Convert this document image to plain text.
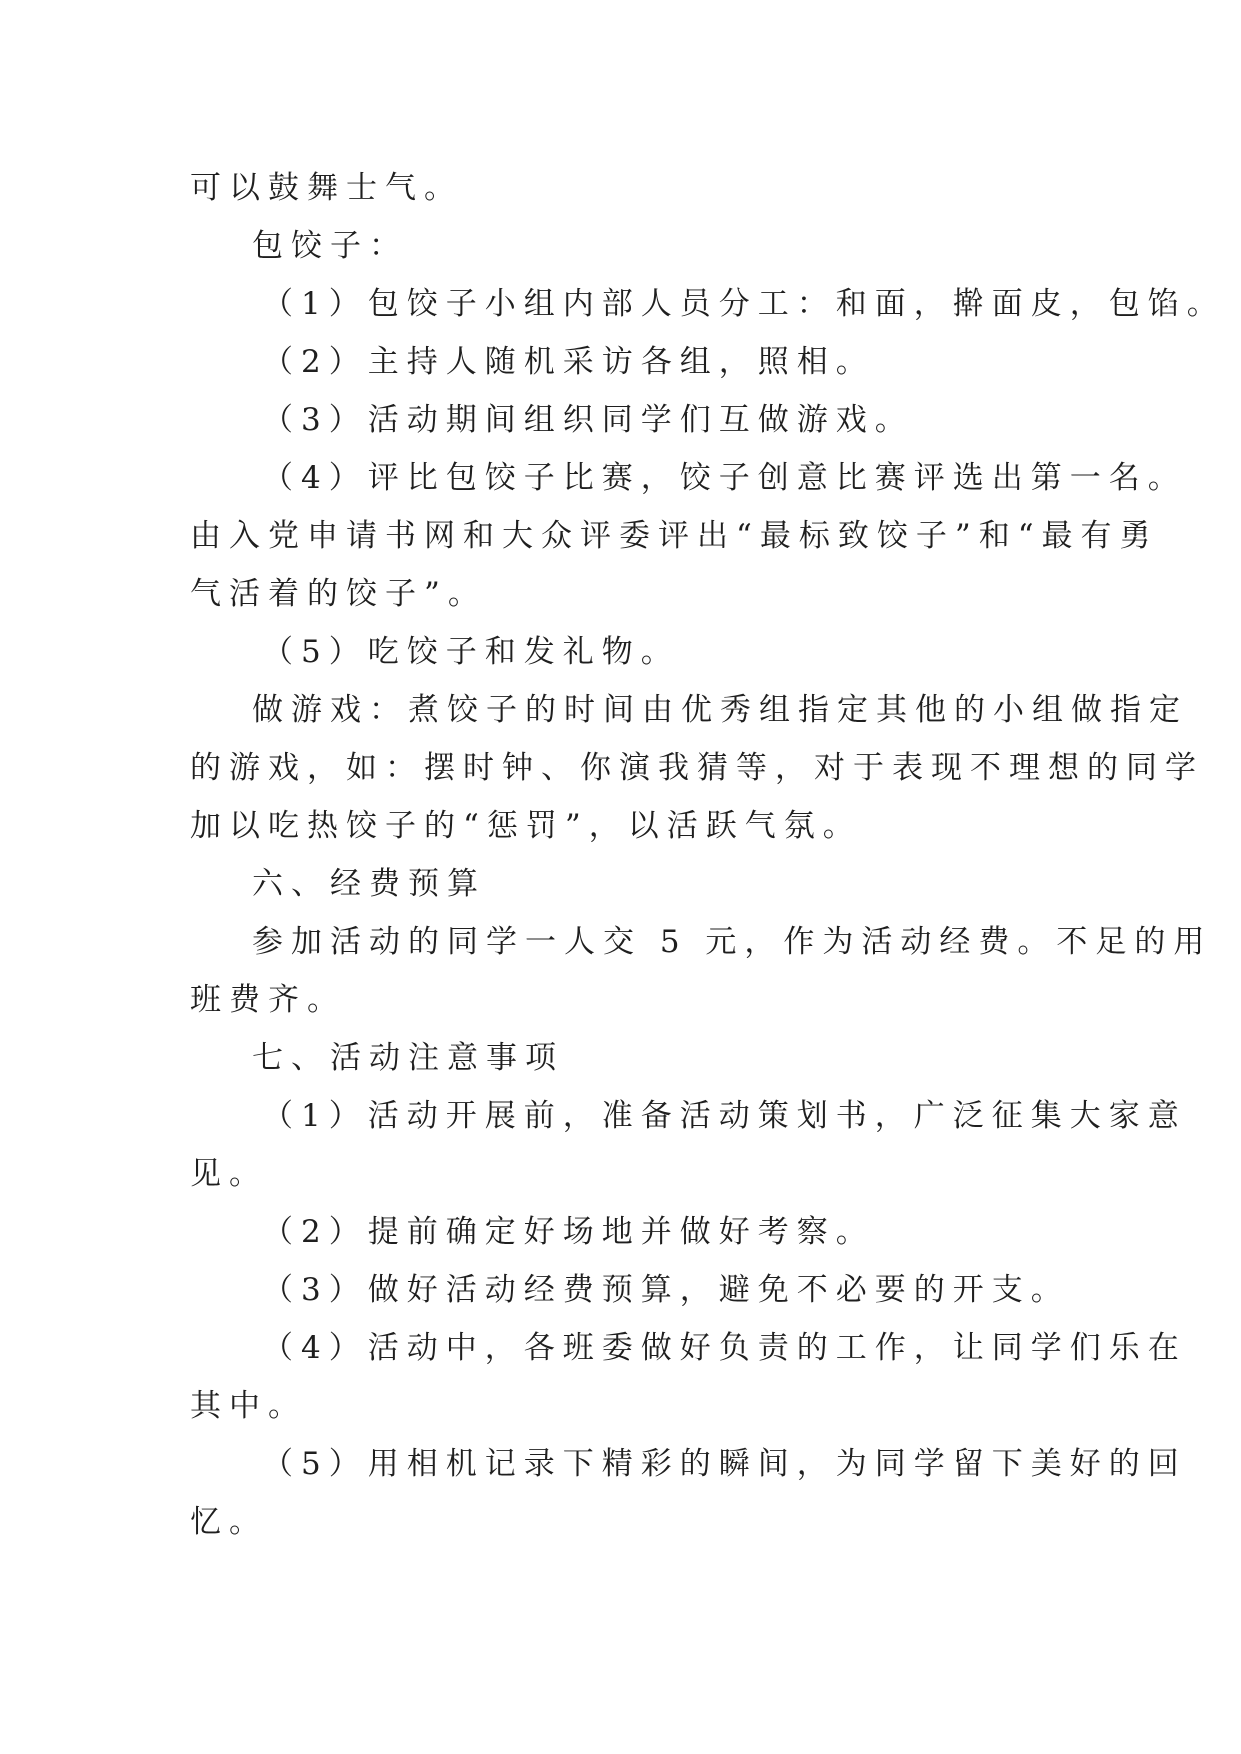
可以鼓舞士气。
包饺子：
（1）包饺子小组内部人员分工：和面，擀面皮，包馅。
（2）主持人随机采访各组，照相。
（3）活动期间组织同学们互做游戏。
（4）评比包饺子比赛，饺子创意比赛评选出第一名。
由入党申请书网和大众评委评出“最标致饺子”和“最有勇
气活着的饺子”。
（5）吃饺子和发礼物。
做游戏：煮饺子的时间由优秀组指定其他的小组做指定
的游戏，如：摆时钟、你演我猜等，对于表现不理想的同学
加以吃热饺子的“惩罚”，以活跃气氛。
六、经费预算
参加活动的同学一人交 5 元，作为活动经费。不足的用
班费齐。
七、活动注意事项
（1）活动开展前，准备活动策划书，广泛征集大家意
见。
（2）提前确定好场地并做好考察。
（3）做好活动经费预算，避免不必要的开支。
（4）活动中，各班委做好负责的工作，让同学们乐在
其中。
（5）用相机记录下精彩的瞬间，为同学留下美好的回
忆。
